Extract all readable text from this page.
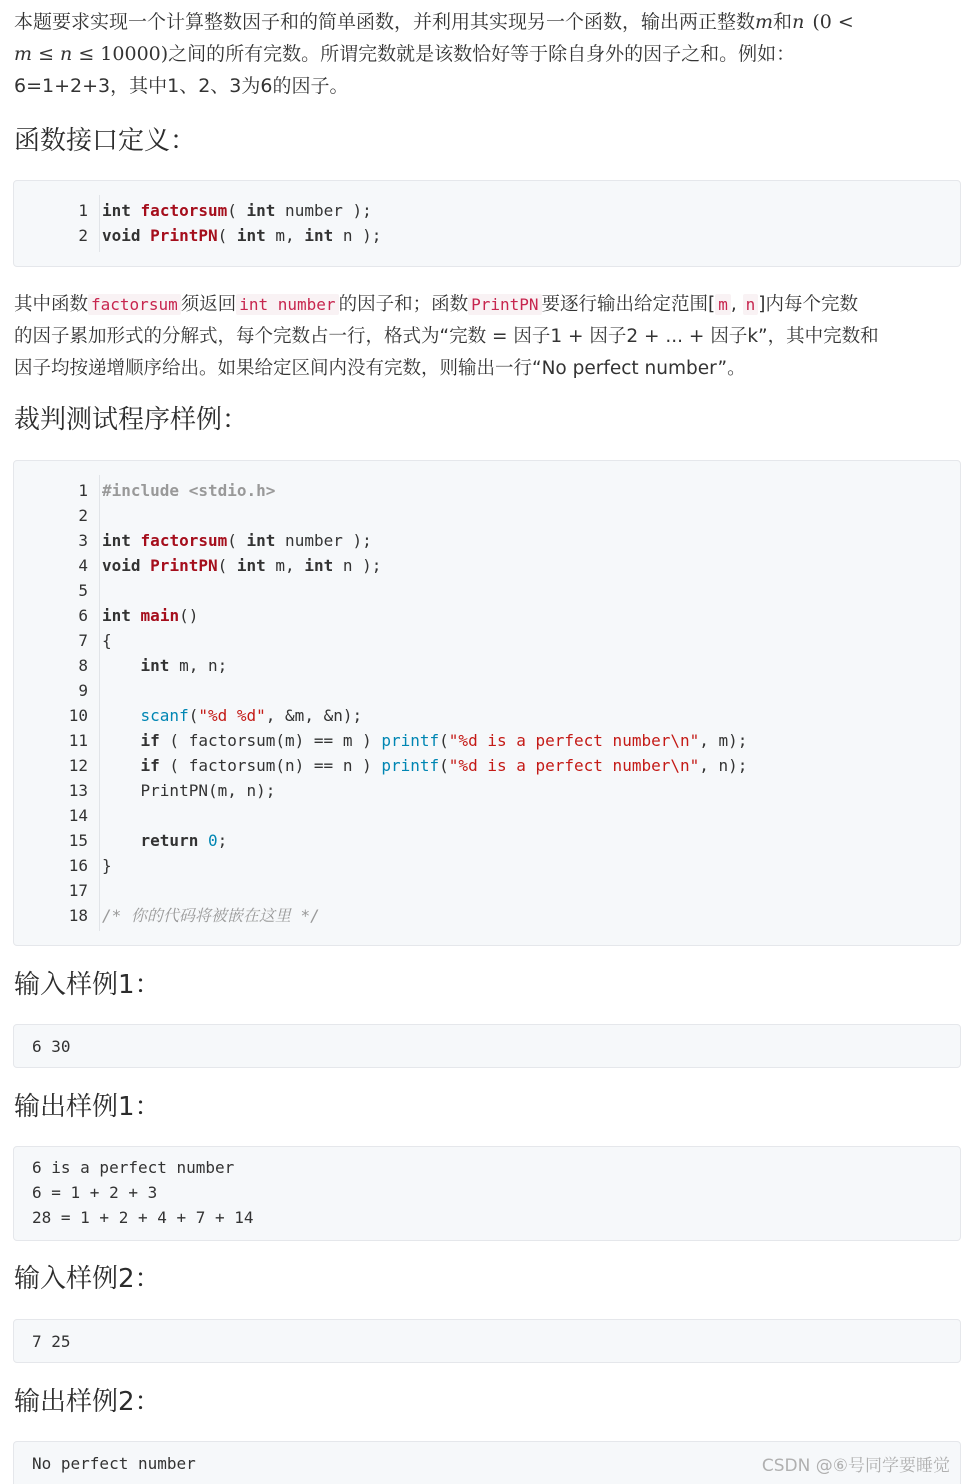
本题要求实现一个计算整数因子和的简单函数，并利用其实现另一个函数，输出两正整数m和n (0 <
m ≤ n ≤ 10000)之间的所有完数。所谓完数就是该数恰好等于除自身外的因子之和。例如：
6=1+2+3，其中1、2、3为6的因子。
函数接口定义：
1
2
int factorsum( int number );
void PrintPN( int m, int n );
其中函数 factorsum 须返回 int number 的因子和；函数 PrintPN 要逐行输出给定范围[ m , n ]内每个完数
的因子累加形式的分解式，每个完数占一行，格式为“完数 = 因子1 + 因子2 + ... + 因子k”，其中完数和
因子均按递增顺序给出。如果给定区间内没有完数，则输出一行“No perfect number”。
裁判测试程序样例：
1
2
3
4
5
6
7
8
9
10
11
12
13
14
15
16
17
18
#include <stdio.h>
int factorsum( int number );
void PrintPN( int m, int n );
int main()
{
int m, n;
scanf("%d %d", &m, &n);
if ( factorsum(m) == m ) printf("%d is a perfect number\n", m);
if ( factorsum(n) == n ) printf("%d is a perfect number\n", n);
PrintPN(m, n);
return 0;
}
/* 你的代码将被嵌在这里 */
输入样例1：
6 30
输出样例1：
6 is a perfect number
6 = 1 + 2 + 3
28 = 1 + 2 + 4 + 7 + 14
输入样例2：
7 25
输出样例2：
No perfect number	CSDN @⑥号同学要睡觉
